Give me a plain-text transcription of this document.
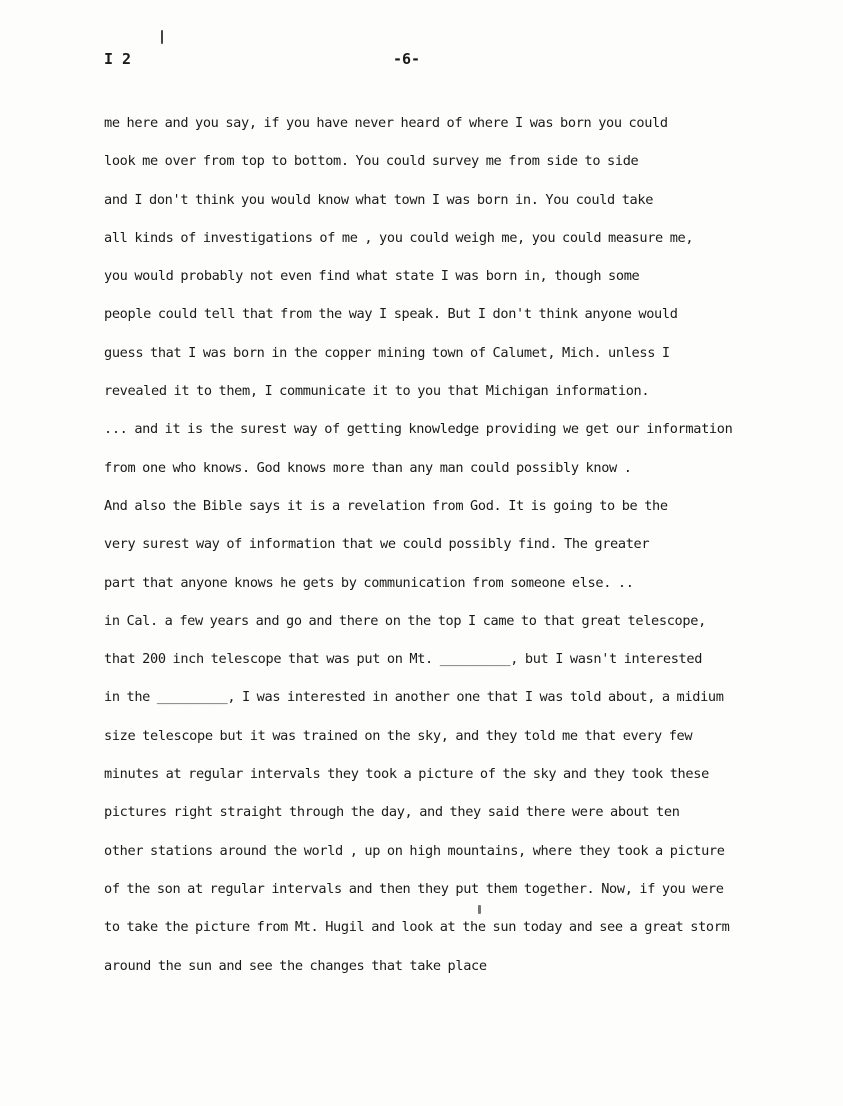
I 2	-6-
me here and you say, if you have never heard of where I was born you could
look me over from top to bottom. You could survey me from side to side
and I don't think you would know what town I was born in. You could take
all kinds of investigations of me , you could weigh me, you could measure me,
you would probably not even find what state I was born in, though some
people could tell that from the way I speak. But I don't think anyone would
guess that I was born in the copper mining town of Calumet, Mich. unless I
revealed it to them, I communicate it to you that Michigan information.
... and it is the surest way of getting knowledge providing we get our information
from one who knows. God knows more than any man could possibly know .
And also the Bible says it is a revelation from God. It is going to be the
very surest way of information that we could possibly find. The greater
part that anyone knows he gets by communication from someone else. ..
in Cal. a few years and go and there on the top I came to that great telescope,
that 200 inch telescope that was put on Mt. _________, but I wasn't interested
in the _________, I was interested in another one that I was told about, a midium
size telescope but it was trained on the sky, and they told me that every few
minutes at regular intervals they took a picture of the sky and they took these
pictures right straight through the day, and they said there were about ten
other stations around the world , up on high mountains, where they took a picture
of the son at regular intervals and then they put them together. Now, if you were
to take the picture from Mt. Hugil and look at the sun today and see a great storm
around the sun and see the changes that take place
